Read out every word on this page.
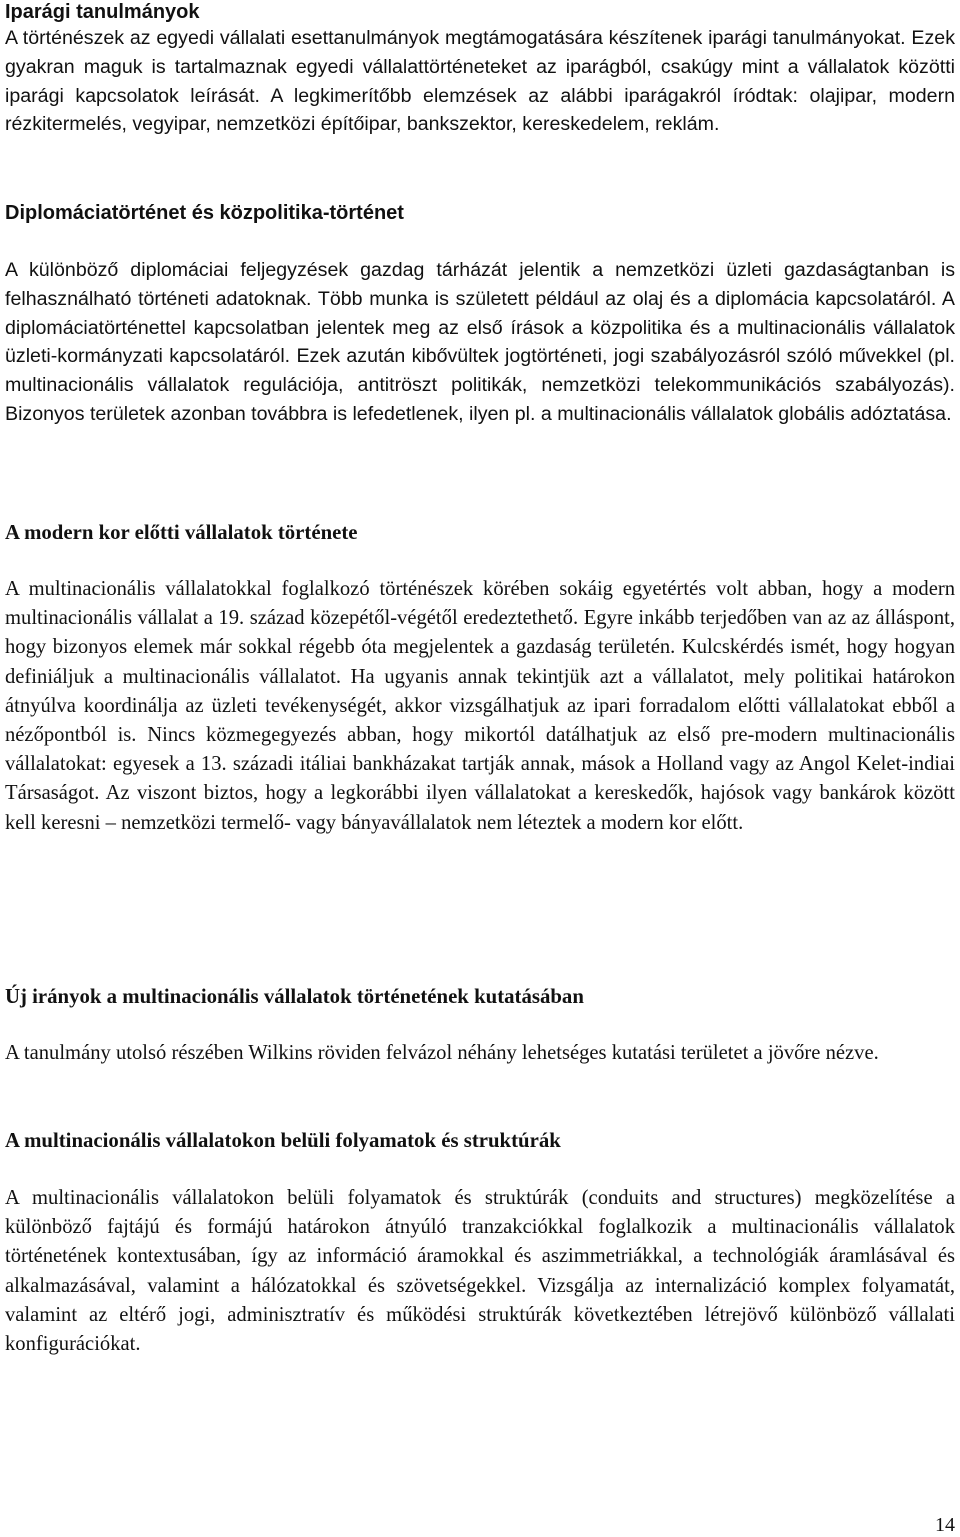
Iparági tanulmányok

A történészek az egyedi vállalati esettanulmányok megtámogatására készítenek iparági tanulmányokat. Ezek gyakran maguk is tartalmaznak egyedi vállalattörténeteket az iparágból, csakúgy mint a vállalatok közötti iparági kapcsolatok leírását. A legkimerítőbb elemzések az alábbi iparágakról íródtak: olajipar, modern rézkitermelés, vegyipar, nemzetközi építőipar, bankszektor, kereskedelem, reklám.

Diplomáciatörténet és közpolitika-történet

A különböző diplomáciai feljegyzések gazdag tárházát jelentik a nemzetközi üzleti gazdaságtanban is felhasználható történeti adatoknak. Több munka is született például az olaj és a diplomácia kapcsolatáról. A diplomáciatörténettel kapcsolatban jelentek meg az első írások a közpolitika és a multinacionális vállalatok üzleti-kormányzati kapcsolatáról. Ezek azután kibővültek jogtörténeti, jogi szabályozásról szóló művekkel (pl. multinacionális vállalatok regulációja, antitröszt politikák, nemzetközi telekommunikációs szabályozás). Bizonyos területek azonban továbbra is lefedetlenek, ilyen pl. a multinacionális vállalatok globális adóztatása.

A modern kor előtti vállalatok története

A multinacionális vállalatokkal foglalkozó történészek körében sokáig egyetértés volt abban, hogy a modern multinacionális vállalat a 19. század közepétől-végétől eredeztethető. Egyre inkább terjedőben van az az álláspont, hogy bizonyos elemek már sokkal régebb óta megjelentek a gazdaság területén. Kulcskérdés ismét, hogy hogyan definiáljuk a multinacionális vállalatot. Ha ugyanis annak tekintjük azt a vállalatot, mely politikai határokon átnyúlva koordinálja az üzleti tevékenységét, akkor vizsgálhatjuk az ipari forradalom előtti vállalatokat ebből a nézőpontból is. Nincs közmegegyezés abban, hogy mikortól datálhatjuk az első pre-modern multinacionális vállalatokat: egyesek a 13. századi itáliai bankházakat tartják annak, mások a Holland vagy az Angol Kelet-indiai Társaságot. Az viszont biztos, hogy a legkorábbi ilyen vállalatokat a kereskedők, hajósok vagy bankárok között kell keresni – nemzetközi termelő- vagy bányavállalatok nem léteztek a modern kor előtt.

Új irányok a multinacionális vállalatok történetének kutatásában

A tanulmány utolsó részében Wilkins röviden felvázol néhány lehetséges kutatási területet a jövőre nézve.

A multinacionális vállalatokon belüli folyamatok és struktúrák

A multinacionális vállalatokon belüli folyamatok és struktúrák (conduits and structures) megközelítése a különböző fajtájú és formájú határokon átnyúló tranzakciókkal foglalkozik a multinacionális vállalatok történetének kontextusában, így az információ áramokkal és aszimmetriákkal, a technológiák áramlásával és alkalmazásával, valamint a hálózatokkal és szövetségekkel. Vizsgálja az internalizáció komplex folyamatát, valamint az eltérő jogi, adminisztratív és működési struktúrák következtében létrejövő különböző vállalati konfigurációkat.

14
